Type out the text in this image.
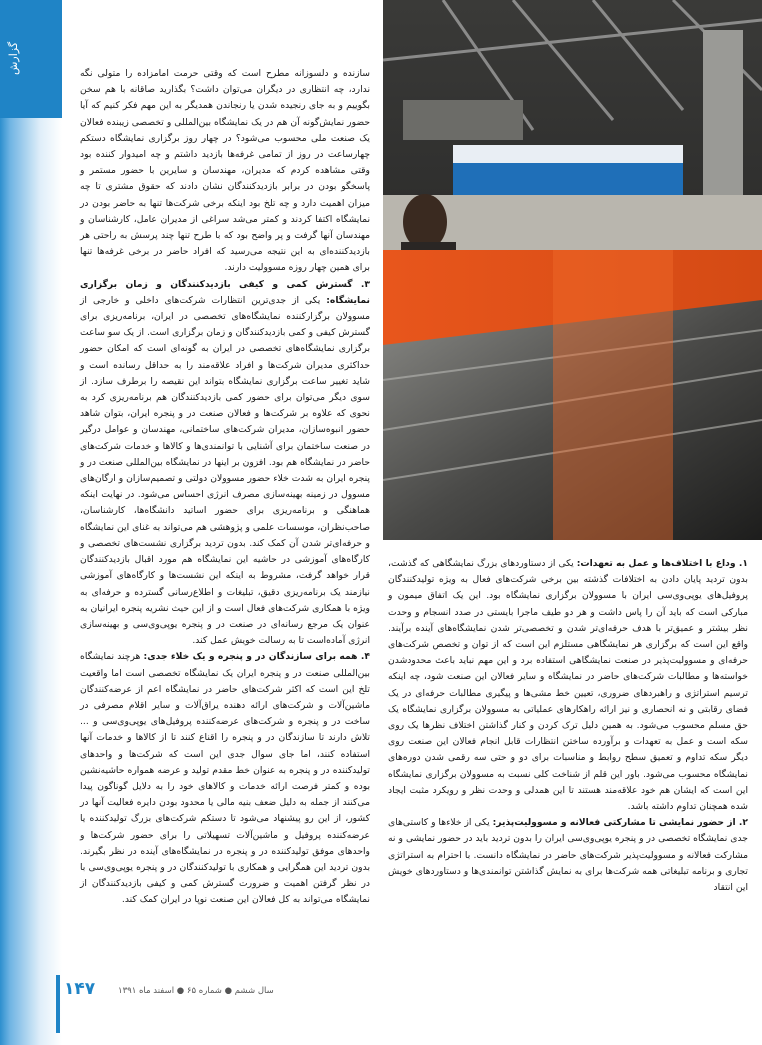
گزارش	سازنده و دلسوزانه مطرح است که وقتی حرمت امامزاده را متولی نگه ندارد، چه انتظاری در دیگران می‌توان داشت؟ بگذارید صاقانه با هم سخن بگوییم و به جای رنجیده شدن یا رنجاندن همدیگر به این مهم فکر کنیم که آیا حضور نمایش‌گونه آن هم در یک نمایشگاه بین‌المللی و تخصصی زیبنده فعالان یک صنعت ملی محسوب می‌شود؟ در چهار روز برگزاری نمایشگاه دستکم چهارساعت در روز از تمامی غرفه‌ها بازدید داشتم و چه امیدوار کننده بود وقتی مشاهده کردم که مدیران، مهندسان و سایرین با حضور مستمر و پاسخگو بودن در برابر بازدیدکنندگان نشان دادند که حقوق مشتری تا چه میزان اهمیت دارد و چه تلخ بود اینکه برخی شرکت‌ها تنها به حاضر بودن در نمایشگاه اکتفا کردند و کمتر می‌شد سراغی از مدیران عامل، کارشناسان و مهندسان آنها گرفت و پر واضح بود که با طرح تنها چند پرسش به راحتی هر بازدیدکننده‌ای به این نتیجه می‌رسید که افراد حاضر در برخی غرفه‌ها تنها برای همین چهار روزه مسوولیت دارند.

۳. گسترش کمی و کیفی بازدیدکنندگان و زمان برگزاری نمایشگاه: یکی از جدی‌ترین انتظارات شرکت‌های داخلی و خارجی از مسوولان برگزارکننده نمایشگاه‌های تخصصی در ایران، برنامه‌ریزی برای گسترش کیفی و کمی بازدیدکنندگان و زمان برگزاری است. از یک سو ساعت برگزاری نمایشگاه‌های تخصصی در ایران به گونه‌ای است که امکان حضور حداکثری مدیران شرکت‌ها و افراد علاقه‌مند را به حداقل رسانده است و شاید تغییر ساعت برگزاری نمایشگاه بتواند این نقیصه را برطرف سازد. از سوی دیگر می‌توان برای حضور کمی بازدیدکنندگان هم برنامه‌ریزی کرد به نحوی که علاوه بر شرکت‌ها و فعالان صنعت در و پنجره ایران، بتوان شاهد حضور انبوه‌سازان، مدیران شرکت‌های ساختمانی، مهندسان و عوامل درگیر در صنعت ساختمان برای آشنایی با توانمندی‌ها و کالاها و خدمات شرکت‌های حاضر در نمایشگاه هم بود. افزون بر اینها در نمایشگاه بین‌المللی صنعت در و پنجره ایران به شدت خلاء حضور مسوولان دولتی و تصمیم‌سازان و ارگان‌های مسوول در زمینه بهینه‌سازی مصرف انرژی احساس می‌شود. در نهایت اینکه هماهنگی و برنامه‌ریزی برای حضور اساتید دانشگاه‌ها، کارشناسان، صاحب‌نظران، موسسات علمی و پژوهشی هم می‌تواند به غنای این نمایشگاه و حرفه‌ای‌تر شدن آن کمک کند. بدون تردید برگزاری نشست‌های تخصصی و کارگاه‌های آموزشی در حاشیه این نمایشگاه هم مورد اقبال بازدیدکنندگان قرار خواهد گرفت، مشروط به اینکه این نشست‌ها و کارگاه‌های آموزشی نیازمند یک برنامه‌ریزی دقیق، تبلیغات و اطلاع‌رسانی گسترده و حرفه‌ای به ویژه با همکاری شرکت‌های فعال است و از این حیث نشریه پنجره ایرانیان به عنوان یک مرجع رسانه‌ای در صنعت در و پنجره یوپی‌وی‌سی و بهینه‌سازی انرژی آماده‌است تا به رسالت خویش عمل کند.

۴. همه برای سازندگان در و پنجره و یک خلاء جدی: هرچند نمایشگاه بین‌المللی صنعت در و پنجره ایران یک نمایشگاه تخصصی است اما واقعیت تلخ این است که اکثر شرکت‌های حاضر در نمایشگاه اعم از عرضه‌کنندگان ماشین‌آلات و شرکت‌های ارائه دهنده یراق‌آلات و سایر اقلام مصرفی در ساخت در و پنجره و شرکت‌های عرضه‌کننده پروفیل‌های یوپی‌وی‌سی و ... تلاش دارند تا سازندگان در و پنجره را اقناع کنند تا از کالاها و خدمات آنها استفاده کنند، اما جای سوال جدی این است که شرکت‌ها و واحدهای تولیدکننده در و پنجره به عنوان خط مقدم تولید و عرضه همواره حاشیه‌نشین بوده و کمتر فرصت ارائه خدمات و کالاهای خود را به دلایل گوناگون پیدا می‌کنند از جمله به دلیل ضعف بنیه مالی یا محدود بودن دایره فعالیت آنها در کشور، از این رو پیشنهاد می‌شود تا دستکم شرکت‌های بزرگ تولیدکننده یا عرضه‌کننده پروفیل و ماشین‌آلات تسهیلاتی را برای حضور شرکت‌ها و واحدهای موفق تولیدکننده در و پنجره در نمایشگاه‌های آینده در نظر بگیرند. بدون تردید این همگرایی و همکاری با تولیدکنندگان در و پنجره یوپی‌وی‌سی با در نظر گرفتن اهمیت و ضرورت گسترش کمی و کیفی بازدیدکنندگان از نمایشگاه می‌تواند به کل فعالان این صنعت نوپا در ایران کمک کند.

۱. وداع با اختلاف‌ها و عمل به تعهدات: یکی از دستاوردهای بزرگ نمایشگاهی که گذشت، بدون تردید پایان دادن به اختلافات گذشته بین برخی شرکت‌های فعال به ویژه تولیدکنندگان پروفیل‌های یوپی‌وی‌سی ایران با مسوولان برگزاری نمایشگاه بود. این یک اتفاق میمون و مبارکی است که باید آن را پاس داشت و هر دو طیف ماجرا بایستی در صدد انسجام و وحدت نظر بیشتر و عمیق‌تر با هدف حرفه‌ای‌تر شدن و تخصصی‌تر شدن نمایشگاه‌های آینده برآیند. واقع این است که برگزاری هر نمایشگاهی مستلزم این است که از توان و تخصص شرکت‌های حرفه‌ای و مسوولیت‌پذیر در صنعت نمایشگاهی استفاده برد و این مهم نباید باعث محدودشدن خواسته‌ها و مطالبات شرکت‌های حاضر در نمایشگاه و سایر فعالان این صنعت شود، چه اینکه ترسیم استراتژی و راهبردهای ضروری، تعیین خط مشی‌ها و پیگیری مطالبات حرفه‌ای در یک فضای رقابتی و نه انحصاری و نیز ارائه راهکارهای عملیاتی به مسوولان برگزاری نمایشگاه یک حق مسلم محسوب می‌شود. به همین دلیل ترک کردن و کنار گذاشتن اختلاف نظرها یک روی سکه است و عمل به تعهدات و برآورده ساختن انتظارات قابل انجام فعالان این صنعت روی دیگر سکه تداوم و تعمیق سطح روابط و مناسبات برای دو و حتی سه رقمی شدن دوره‌های نمایشگاه محسوب می‌شود. باور این قلم از شناخت کلی نسبت به مسوولان برگزاری نمایشگاه این است که ایشان هم خود علاقه‌مند هستند تا این همدلی و وحدت نظر و رویکرد مثبت ایجاد شده همچنان تداوم داشته باشد.

۲. از حضور نمایشی تا مشارکتی فعالانه و مسوولیت‌پذیر: یکی از خلاءها و کاستی‌های جدی نمایشگاه تخصصی در و پنجره یوپی‌وی‌سی ایران را بدون تردید باید در حضور نمایشی و نه مشارکت فعالانه و مسوولیت‌پذیر شرکت‌های حاضر در نمایشگاه دانست. با احترام به استراتژی تجاری و برنامه تبلیغاتی همه شرکت‌ها برای به نمایش گذاشتن توانمندی‌ها و دستاوردهای خویش این انتقاد

۱۴۷	سال ششم ● شماره ۶۵ ● اسفند ماه ۱۳۹۱
